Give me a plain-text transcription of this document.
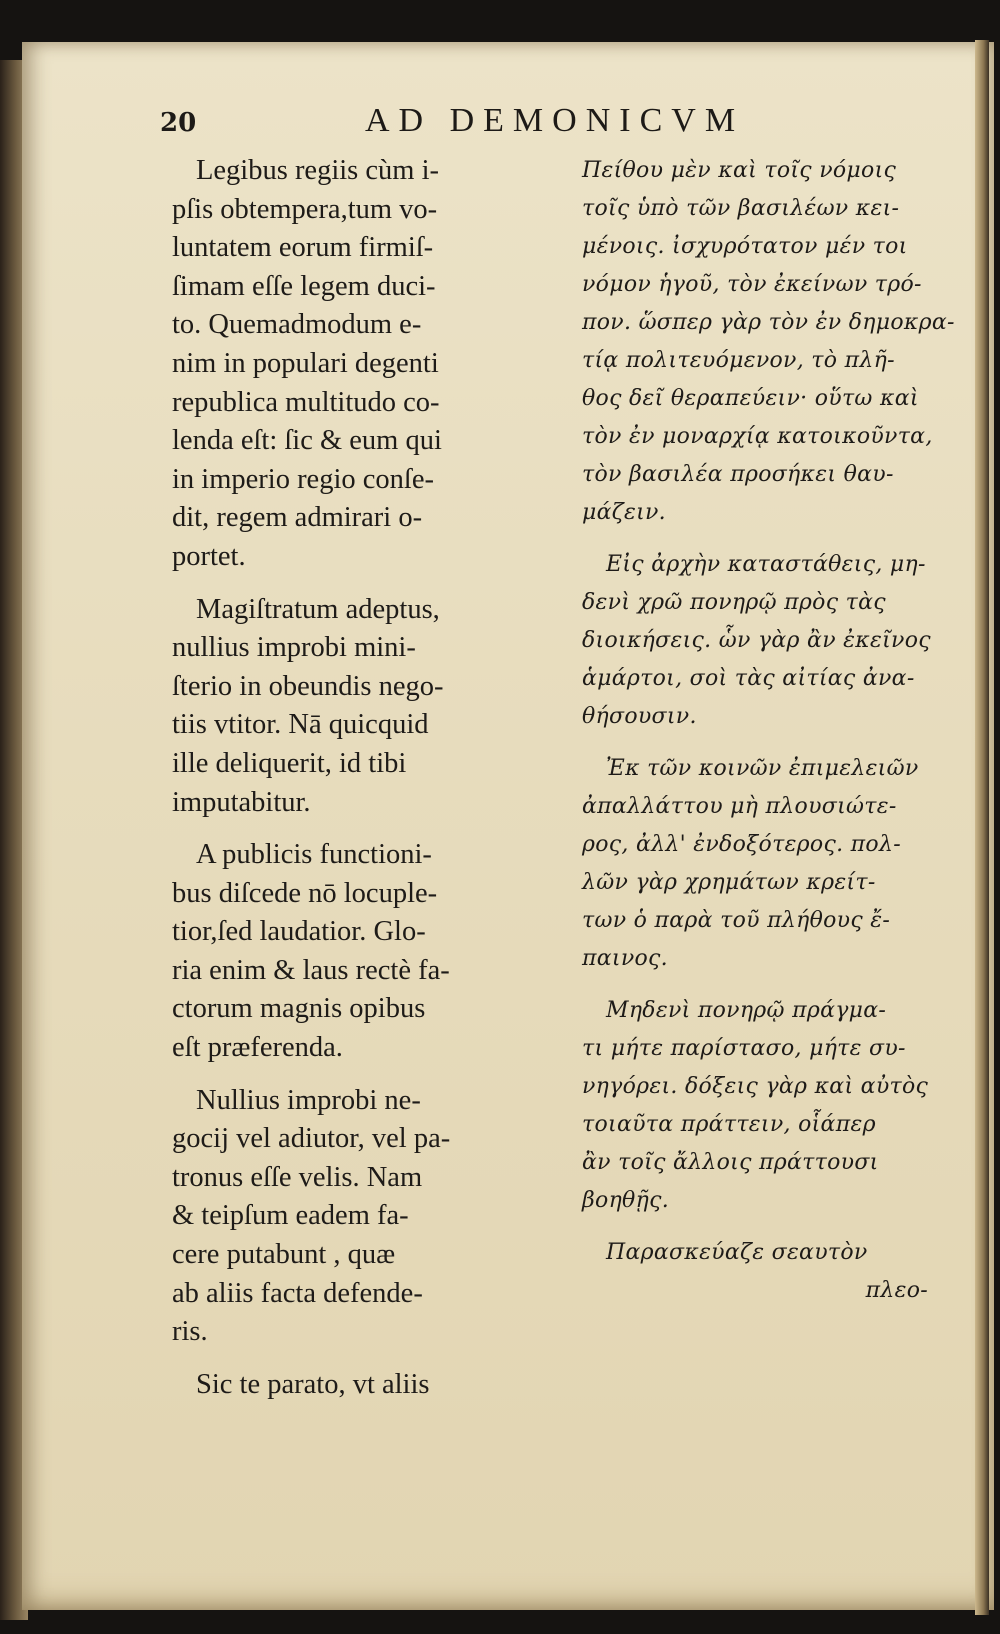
20	AD DEMONICVM
Legibus regiis cùm i-
pſis obtempera,tum vo-
luntatem eorum firmiſ-
ſimam eſſe legem duci-
to. Quemadmodum e-
nim in populari degenti
republica multitudo co-
lenda eſt: ſic & eum qui
in imperio regio conſe-
dit, regem admirari o-
portet.
Magiſtratum adeptus,
nullius improbi mini-
ſterio in obeundis nego-
tiis vtitor. Nā quicquid
ille deliquerit, id tibi
imputabitur.
A publicis functioni-
bus diſcede nō locuple-
tior,ſed laudatior. Glo-
ria enim & laus rectè fa-
ctorum magnis opibus
eſt præferenda.
Nullius improbi ne-
gocij vel adiutor, vel pa-
tronus eſſe velis. Nam
& teipſum eadem fa-
cere putabunt , quæ
ab aliis facta defende-
ris.
Sic te parato, vt aliis
Πείθου μὲν καὶ τοῖς νόμοις
τοῖς ὑπὸ τῶν βασιλέων κει-
μένοις. ἰσχυρότατον μέν τοι
νόμον ἡγοῦ, τὸν ἐκείνων τρό-
πον. ὥσπερ γὰρ τὸν ἐν δημοκρα-
τίᾳ πολιτευόμενον, τὸ πλῆ-
θος δεῖ θεραπεύειν· οὕτω καὶ
τὸν ἐν μοναρχίᾳ κατοικοῦντα,
τὸν βασιλέα προσήκει θαυ-
μάζειν.
Εἰς ἀρχὴν καταστάθεις, μη-
δενὶ χρῶ πονηρῷ πρὸς τὰς
διοικήσεις. ὧν γὰρ ἂν ἐκεῖνος
ἁμάρτοι, σοὶ τὰς αἰτίας ἀνα-
θήσουσιν.
Ἐκ τῶν κοινῶν ἐπιμελειῶν
ἀπαλλάττου μὴ πλουσιώτε-
ρος, ἀλλ' ἐνδοξότερος. πολ-
λῶν γὰρ χρημάτων κρείτ-
των ὁ παρὰ τοῦ πλήθους ἔ-
παινος.
Μηδενὶ πονηρῷ πράγμα-
τι μήτε παρίστασο, μήτε συ-
νηγόρει. δόξεις γὰρ καὶ αὐτὸς
τοιαῦτα πράττειν, οἷάπερ
ἂν τοῖς ἄλλοις πράττουσι
βοηθῇς.
Παρασκεύαζε σεαυτὸν
πλεο-
